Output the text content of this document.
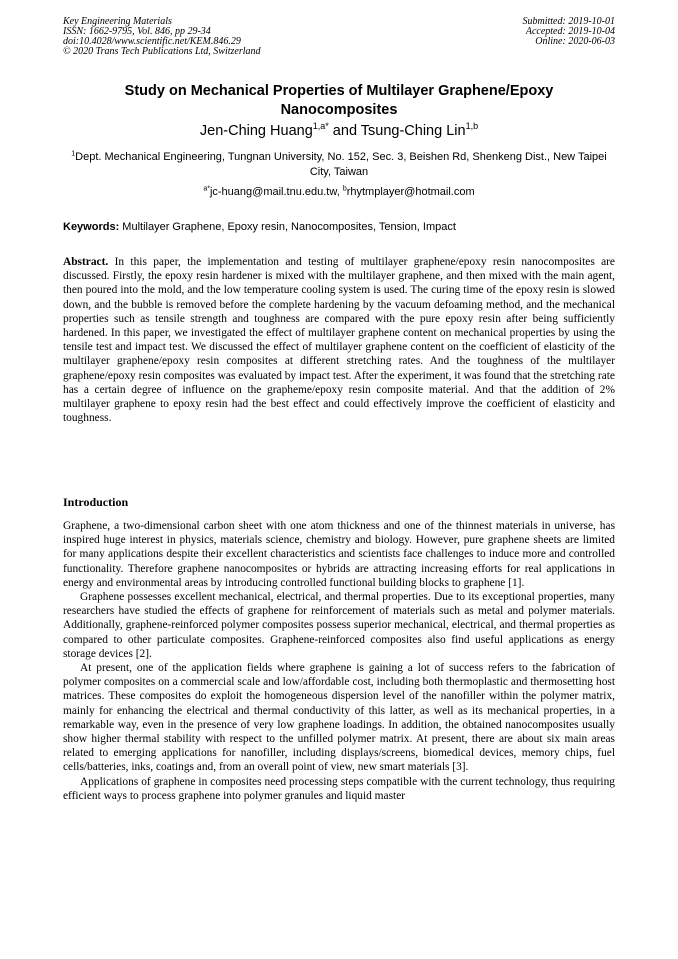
Key Engineering Materials	Submitted: 2019-10-01
ISSN: 1662-9795, Vol. 846, pp 29-34	Accepted: 2019-10-04
doi:10.4028/www.scientific.net/KEM.846.29	Online: 2020-06-03
© 2020 Trans Tech Publications Ltd, Switzerland
Study on Mechanical Properties of Multilayer Graphene/Epoxy Nanocomposites
Jen-Ching Huang$^{1,a*}$ and Tsung-Ching Lin$^{1,b}$
$^1$Dept. Mechanical Engineering, Tungnan University, No. 152, Sec. 3, Beishen Rd, Shenkeng Dist., New Taipei City, Taiwan
$^{a*}$jc-huang@mail.tnu.edu.tw, $^b$rhytmplayer@hotmail.com
Keywords: Multilayer Graphene, Epoxy resin, Nanocomposites, Tension, Impact

Abstract. In this paper, the implementation and testing of multilayer graphene/epoxy resin nanocomposites are discussed. Firstly, the epoxy resin hardener is mixed with the multilayer graphene, and then mixed with the main agent, then poured into the mold, and the low temperature cooling system is used. The curing time of the epoxy resin is slowed down, and the bubble is removed before the complete hardening by the vacuum defoaming method, and the mechanical properties such as tensile strength and toughness are compared with the pure epoxy resin after being sufficiently hardened. In this paper, we investigated the effect of multilayer graphene content on mechanical properties by using the tensile test and impact test. We discussed the effect of multilayer graphene content on the coefficient of elasticity of the multilayer graphene/epoxy resin composites at different stretching rates. And the toughness of the multilayer graphene/epoxy resin composites was evaluated by impact test. After the experiment, it was found that the stretching rate has a certain degree of influence on the grapheme/epoxy resin composite material. And that the addition of 2% multilayer graphene to epoxy resin had the best effect and could effectively improve the coefficient of elasticity and toughness.

Introduction

Graphene, a two-dimensional carbon sheet with one atom thickness and one of the thinnest materials in universe, has inspired huge interest in physics, materials science, chemistry and biology. However, pure graphene sheets are limited for many applications despite their excellent characteristics and scientists face challenges to induce more and controlled functionality. Therefore graphene nanocomposites or hybrids are attracting increasing efforts for real applications in energy and environmental areas by introducing controlled functional building blocks to graphene [1].

Graphene possesses excellent mechanical, electrical, and thermal properties. Due to its exceptional properties, many researchers have studied the effects of graphene for reinforcement of materials such as metal and polymer materials. Additionally, graphene-reinforced polymer composites possess superior mechanical, electrical, and thermal properties as compared to other particulate composites. Graphene-reinforced composites also find useful applications as energy storage devices [2].

At present, one of the application fields where graphene is gaining a lot of success refers to the fabrication of polymer composites on a commercial scale and low/affordable cost, including both thermoplastic and thermosetting host matrices. These composites do exploit the homogeneous dispersion level of the nanofiller within the polymer matrix, mainly for enhancing the electrical and thermal conductivity of this latter, as well as its mechanical properties, in a remarkable way, even in the presence of very low graphene loadings. In addition, the obtained nanocomposites usually show higher thermal stability with respect to the unfilled polymer matrix. At present, there are about six main areas related to emerging applications for nanofiller, including displays/screens, biomedical devices, memory chips, fuel cells/batteries, inks, coatings and, from an overall point of view, new smart materials [3].

Applications of graphene in composites need processing steps compatible with the current technology, thus requiring efficient ways to process graphene into polymer granules and liquid master
